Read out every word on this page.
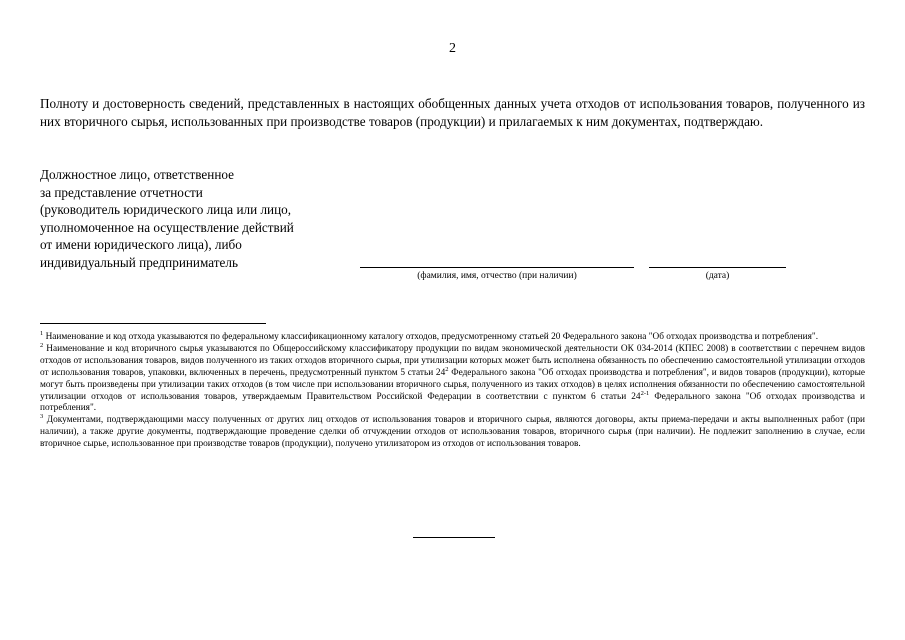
2

Полноту и достоверность сведений, представленных в настоящих обобщенных данных учета отходов от использования товаров, полученного из них вторичного сырья, использованных при производстве товаров (продукции) и прилагаемых к ним документах, подтверждаю.

Должностное лицо, ответственное
за представление отчетности
(руководитель юридического лица или лицо,
уполномоченное на осуществление действий
от имени юридического лица), либо
индивидуальный предприниматель
(фамилия, имя, отчество (при наличии)	(дата)

$^1$ Наименование и код отхода указываются по федеральному классификационному каталогу отходов, предусмотренному статьей 20 Федерального закона "Об отходах производства и потребления".

$^2$ Наименование и код вторичного сырья указываются по Общероссийскому классификатору продукции по видам экономической деятельности ОК 034-2014 (КПЕС 2008) в соответствии с перечнем видов отходов от использования товаров, видов полученного из таких отходов вторичного сырья, при утилизации которых может быть исполнена обязанность по обеспечению самостоятельной утилизации отходов от использования товаров, упаковки, включенных в перечень, предусмотренный пунктом 5 статьи $24^2$ Федерального закона "Об отходах производства и потребления", и видов товаров (продукции), которые могут быть произведены при утилизации таких отходов (в том числе при использовании вторичного сырья, полученного из таких отходов) в целях исполнения обязанности по обеспечению самостоятельной утилизации отходов от использования товаров, утверждаемым Правительством Российской Федерации в соответствии с пунктом 6 статьи 24$^{2-1}$ Федерального закона "Об отходах производства и потребления".

$^3$ Документами, подтверждающими массу полученных от других лиц отходов от использования товаров и вторичного сырья, являются договоры, акты приема-передачи и акты выполненных работ (при наличии), а также другие документы, подтверждающие проведение сделки об отчуждении отходов от использования товаров, вторичного сырья (при наличии). Не подлежит заполнению в случае, если вторичное сырье, использованное при производстве товаров (продукции), получено утилизатором из отходов от использования товаров.
